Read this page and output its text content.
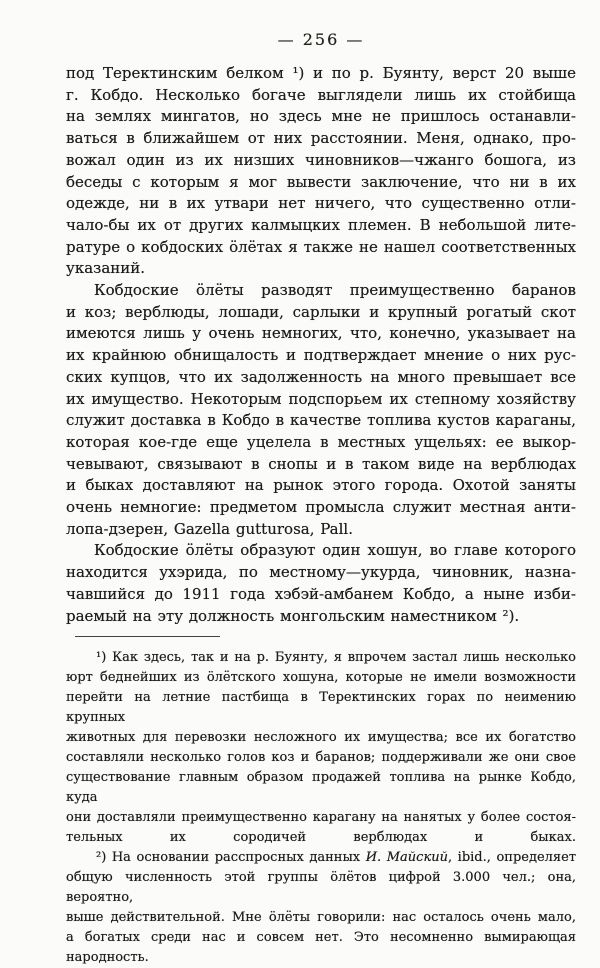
— 256 —
под Теректинским белком ¹) и по р. Буянту, верст 20 выше
г. Кобдо. Несколько богаче выглядели лишь их стойбища
на землях мингатов, но здесь мне не пришлось останавли-
ваться в ближайшем от них расстоянии. Меня, однако, про-
вожал один из их низших чиновников—чжанго бошога, из
беседы с которым я мог вывести заключение, что ни в их
одежде, ни в их утвари нет ничего, что существенно отли-
чало-бы их от других калмыцких племен. В небольшой лите-
ратуре о кобдоских öлётах я также не нашел соответственных
указаний.
Кобдоские öлёты разводят преимущественно баранов
и коз; верблюды, лошади, сарлыки и крупный рогатый скот
имеются лишь у очень немногих, что, конечно, указывает на
их крайнюю обнищалость и подтверждает мнение о них рус-
ских купцов, что их задолженность на много превышает все
их имущество. Некоторым подспорьем их степному хозяйству
служит доставка в Кобдо в качестве топлива кустов караганы,
которая кое-где еще уцелела в местных ущельях: ее выкор-
чевывают, связывают в снопы и в таком виде на верблюдах
и быках доставляют на рынок этого города. Охотой заняты
очень немногие: предметом промысла служит местная анти-
лопа-дзерен, Gazella gutturosa, Pall.
Кобдоские öлёты образуют один хошун, во главе которого
находится ухэрида, по местному—укурда, чиновник, назна-
чавшийся до 1911 года хэбэй-амбанем Кобдо, а ныне изби-
раемый на эту должность монгольским наместником ²).
¹) Как здесь, так и на р. Буянту, я впрочем застал лишь несколько
юрт беднейших из öлётского хошуна, которые не имели возможности
перейти на летние пастбища в Теректинских горах по неимению крупных
животных для перевозки несложного их имущества; все их богатство
составляли несколько голов коз и баранов; поддерживали же они свое
существование главным образом продажей топлива на рынке Кобдо, куда
они доставляли преимущественно карагану на нанятых у более состоя-
тельных их сородичей верблюдах и быках.
²) На основании расспросных данных И. Майский, ibid., определяет
общую численность этой группы öлётов цифрой 3.000 чел.; она, вероятно,
выше действительной. Мне öлёты говорили: нас осталось очень мало,
а богатых среди нас и совсем нет. Это несомненно вымирающая народность.
